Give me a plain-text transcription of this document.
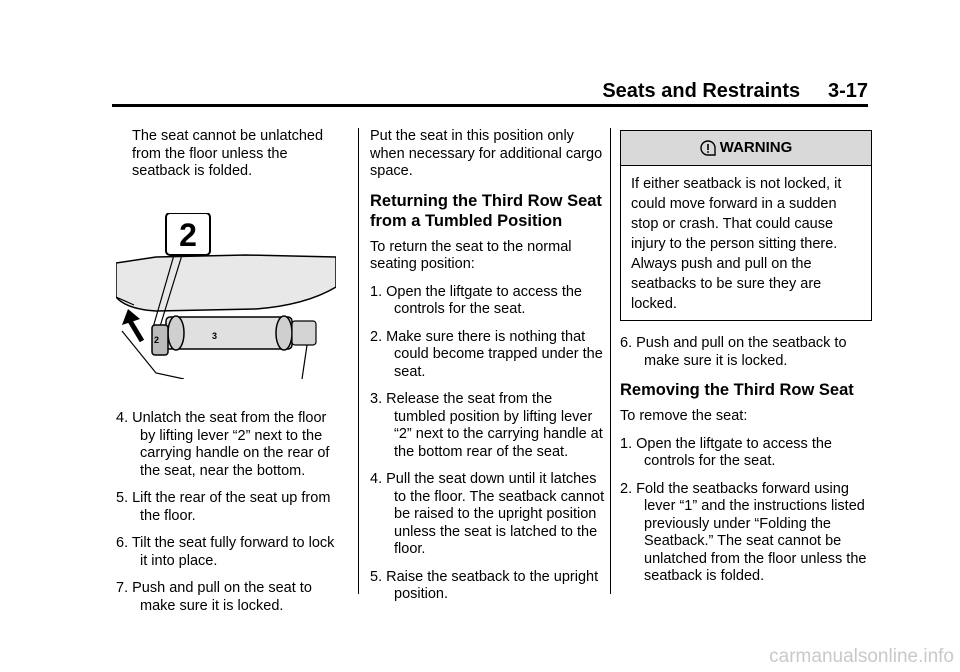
Seats and Restraints 3-17

The seat cannot be unlatched from the floor unless the seatback is folded.

2
2	3

4. Unlatch the seat from the floor by lifting lever “2” next to the carrying handle on the rear of the seat, near the bottom.

5. Lift the rear of the seat up from the floor.

6. Tilt the seat fully forward to lock it into place.

7. Push and pull on the seat to make sure it is locked.

Put the seat in this position only when necessary for additional cargo space.

Returning the Third Row Seat from a Tumbled Position

To return the seat to the normal seating position:

1. Open the liftgate to access the controls for the seat.

2. Make sure there is nothing that could become trapped under the seat.

3. Release the seat from the tumbled position by lifting lever “2” next to the carrying handle at the bottom rear of the seat.

4. Pull the seat down until it latches to the floor. The seatback cannot be raised to the upright position unless the seat is latched to the floor.

5. Raise the seatback to the upright position.

WARNING
If either seatback is not locked, it could move forward in a sudden stop or crash. That could cause injury to the person sitting there. Always push and pull on the seatbacks to be sure they are locked.

6. Push and pull on the seatback to make sure it is locked.

Removing the Third Row Seat

To remove the seat:

1. Open the liftgate to access the controls for the seat.

2. Fold the seatbacks forward using lever “1” and the instructions listed previously under “Folding the Seatback.” The seat cannot be unlatched from the floor unless the seatback is folded.

carmanualsonline.info
